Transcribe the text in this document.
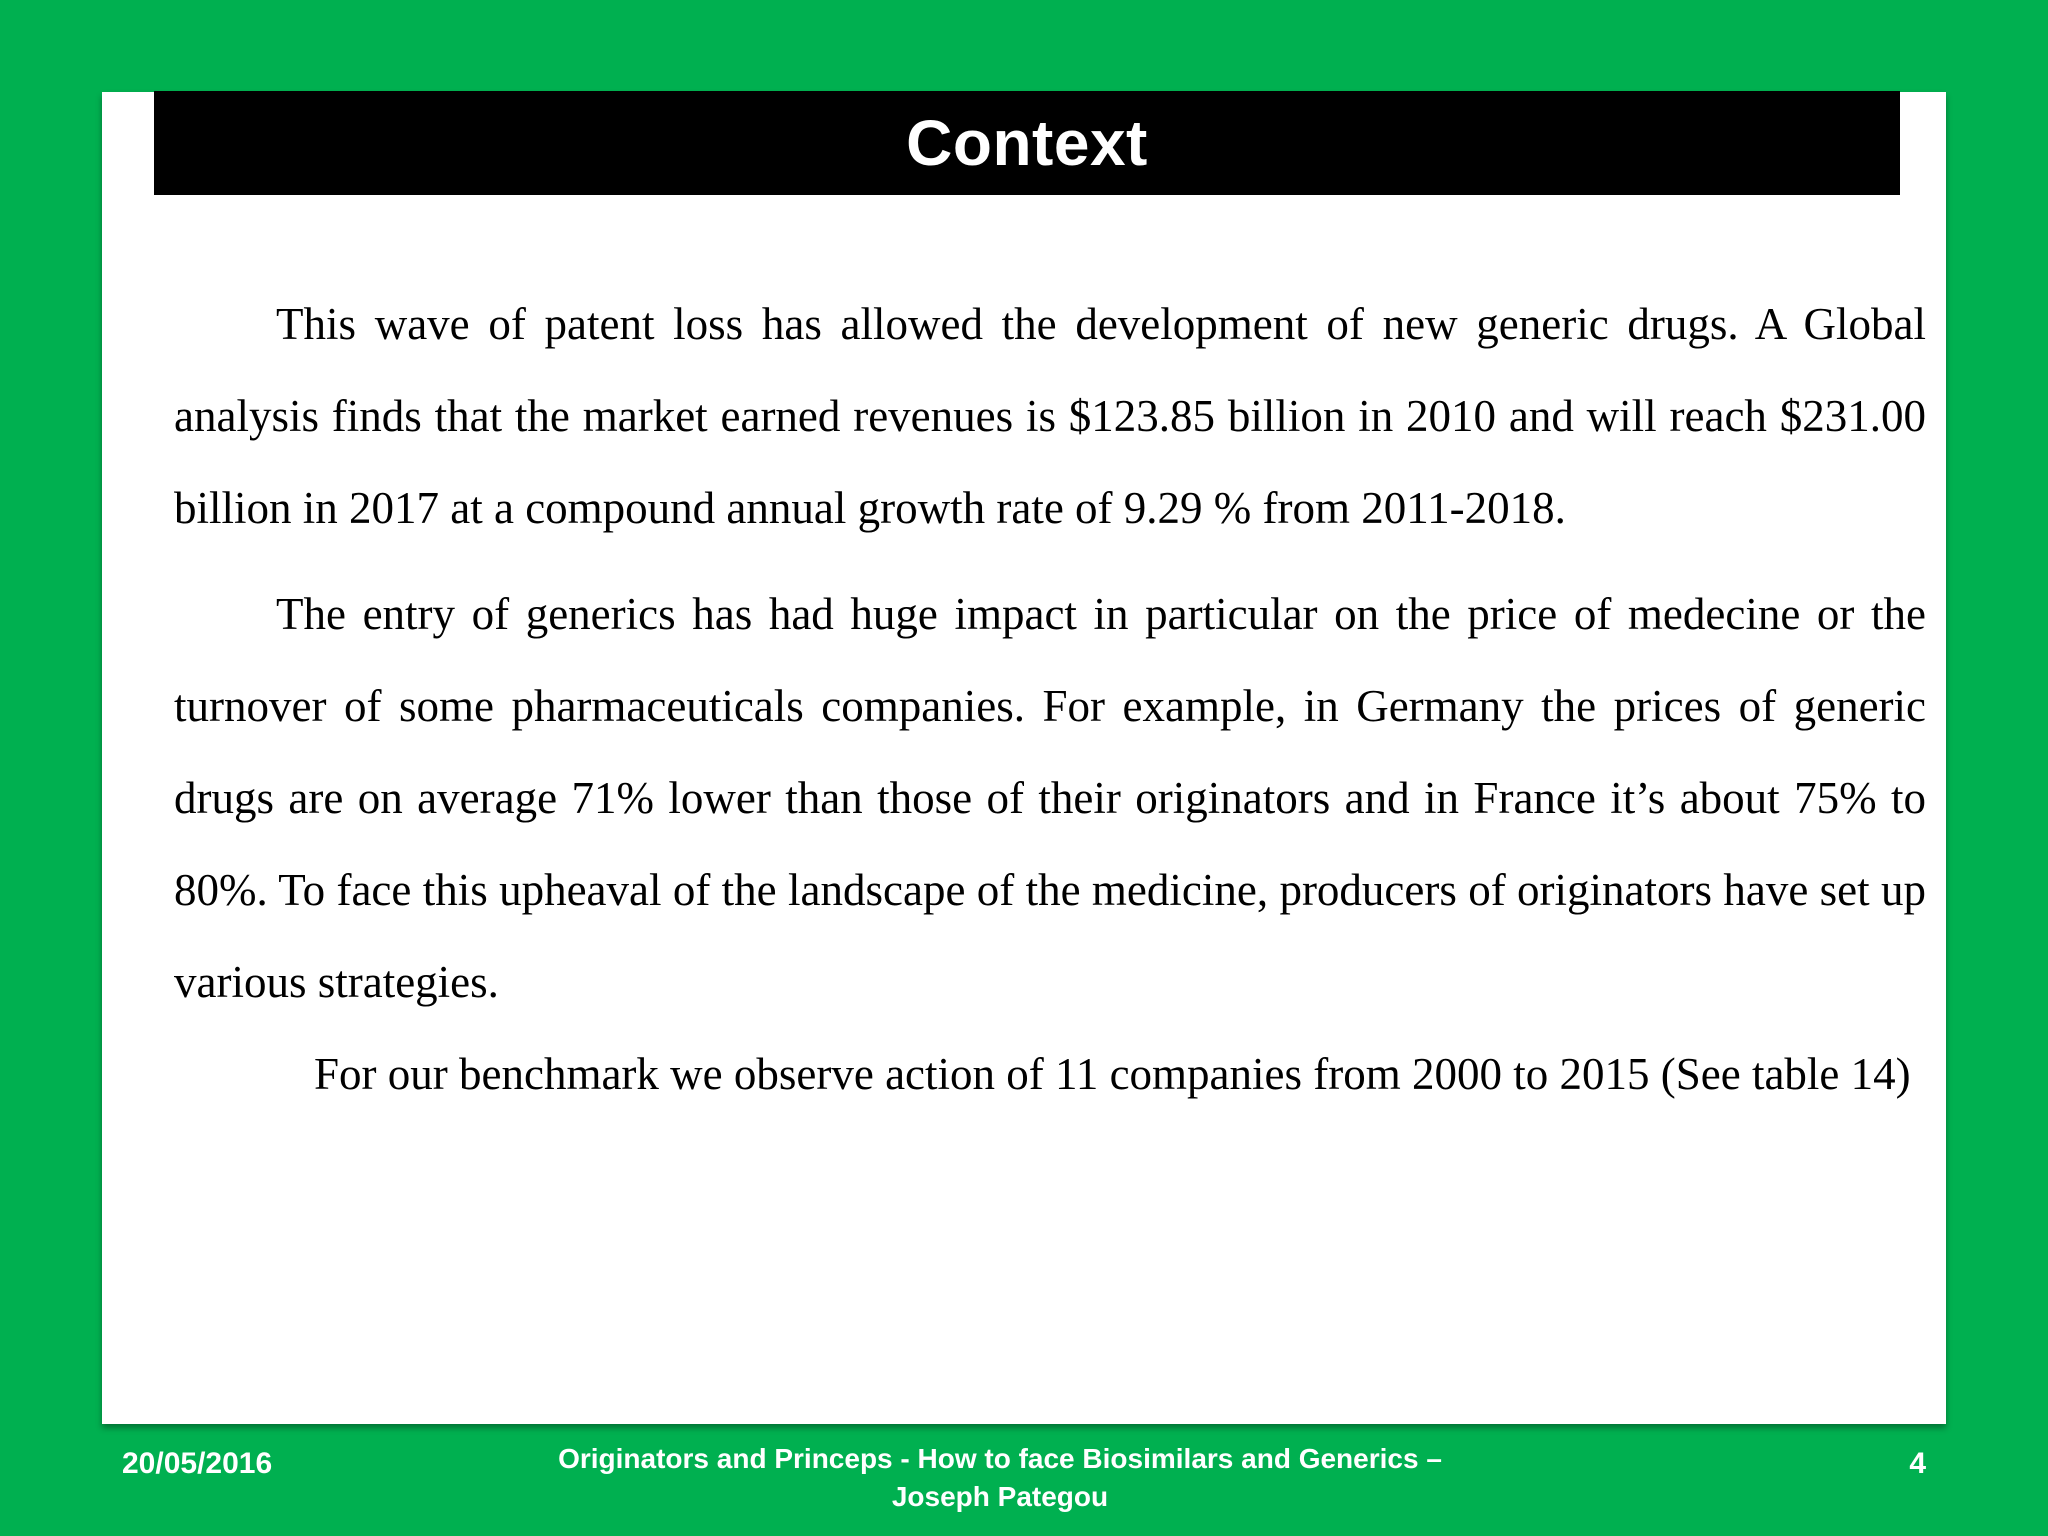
Context

This wave of patent loss has allowed the development of new generic drugs. A Global analysis finds that the market earned revenues is $123.85 billion in 2010 and will reach $231.00 billion in 2017 at a compound annual growth rate of 9.29 % from 2011-2018.

The entry of generics has had huge impact in particular on the price of medecine or the turnover of some pharmaceuticals companies. For example, in Germany the prices of generic drugs are on average 71% lower than those of their originators and in France it’s about 75% to 80%. To face this upheaval of the landscape of the medicine, producers of originators have set up various strategies.

For our benchmark we observe action of 11 companies from 2000 to 2015 (See table 14)

20/05/2016	Originators and Princeps - How to face Biosimilars and Generics –
Joseph Pategou
4
